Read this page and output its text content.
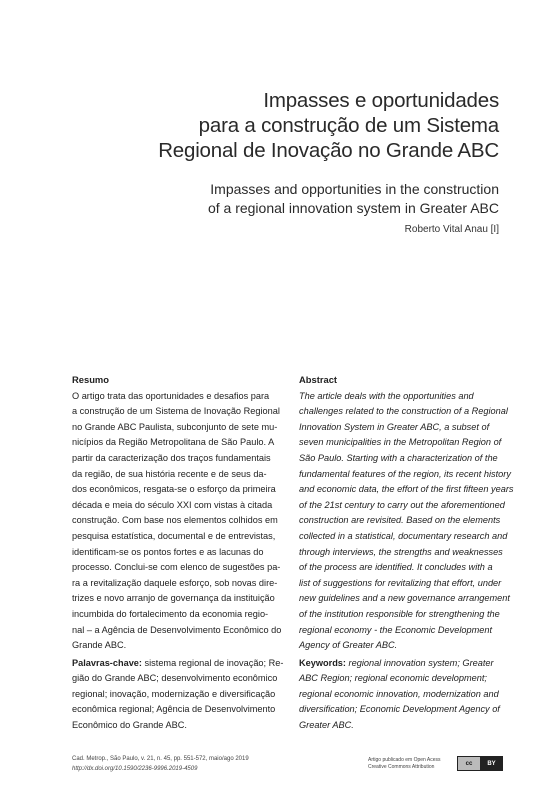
Impasses e oportunidades
para a construção de um Sistema
Regional de Inovação no Grande ABC
Impasses and opportunities in the construction
of a regional innovation system in Greater ABC
Roberto Vital Anau [I]
Resumo
O artigo trata das oportunidades e desafios para
a construção de um Sistema de Inovação Regional
no Grande ABC Paulista, subconjunto de sete mu-
nicípios da Região Metropolitana de São Paulo. A
partir da caracterização dos traços fundamentais
da região, de sua história recente e de seus da-
dos econômicos, resgata-se o esforço da primeira
década e meia do século XXI com vistas à citada
construção. Com base nos elementos colhidos em
pesquisa estatística, documental e de entrevistas,
identificam-se os pontos fortes e as lacunas do
processo. Conclui-se com elenco de sugestões pa-
ra a revitalização daquele esforço, sob novas dire-
trizes e novo arranjo de governança da instituição
incumbida do fortalecimento da economia regio-
nal – a Agência de Desenvolvimento Econômico do
Grande ABC.
Palavras-chave: sistema regional de inovação; Re-
gião do Grande ABC; desenvolvimento econômico
regional; inovação, modernização e diversificação
econômica regional; Agência de Desenvolvimento
Econômico do Grande ABC.
Abstract
The article deals with the opportunities and
challenges related to the construction of a Regional
Innovation System in Greater ABC, a subset of
seven municipalities in the Metropolitan Region of
São Paulo. Starting with a characterization of the
fundamental features of the region, its recent history
and economic data, the effort of the first fifteen years
of the 21st century to carry out the aforementioned
construction are revisited. Based on the elements
collected in a statistical, documentary research and
through interviews, the strengths and weaknesses
of the process are identified. It concludes with a
list of suggestions for revitalizing that effort, under
new guidelines and a new governance arrangement
of the institution responsible for strengthening the
regional economy - the Economic Development
Agency of Greater ABC.
Keywords: regional innovation system; Greater
ABC Region; regional economic development;
regional economic innovation, modernization and
diversification; Economic Development Agency of
Greater ABC.
Cad. Metrop., São Paulo, v. 21, n. 45, pp. 551-572, maio/ago 2019
http://dx.doi.org/10.1590/2236-9996.2019-4509
Artigo publicado em Open Acess
Creative Commons Attribution
cc	BY
